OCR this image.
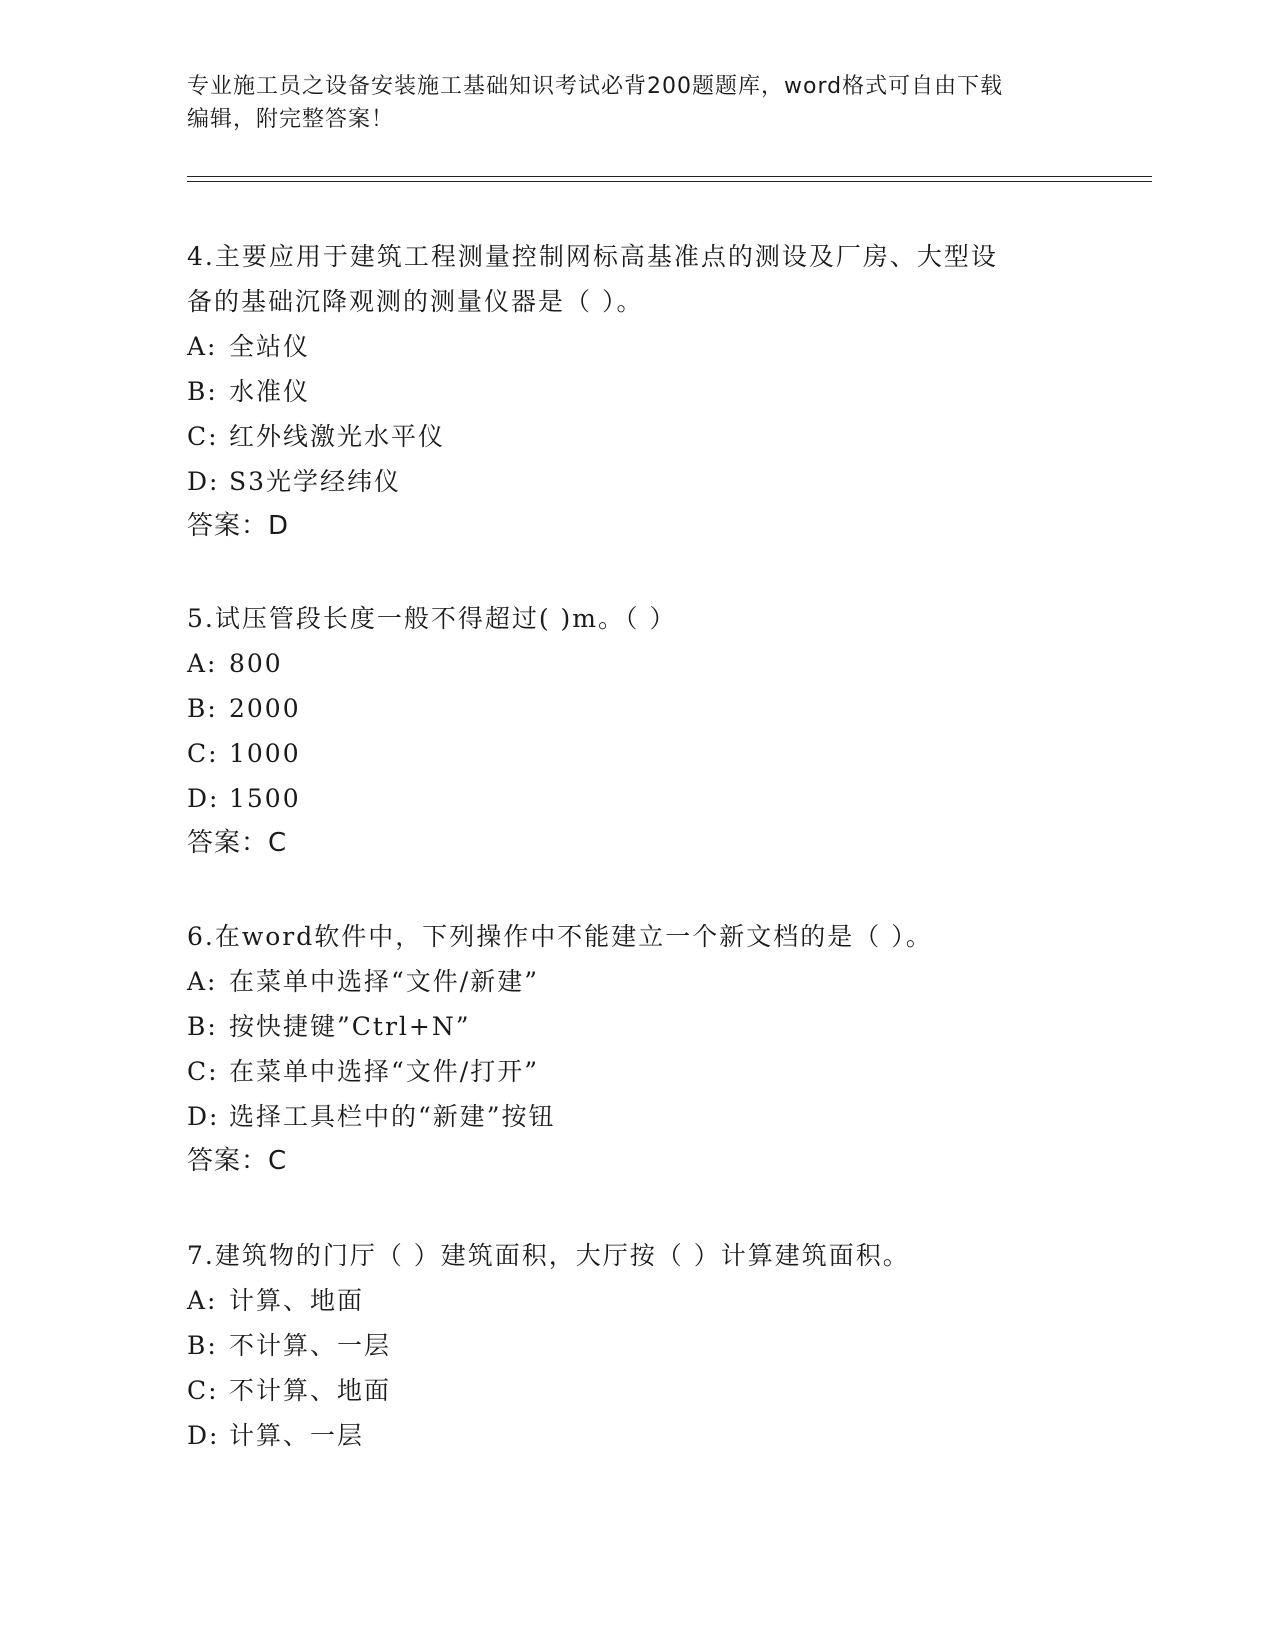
专业施工员之设备安装施工基础知识考试必背200题题库，word格式可自由下载
编辑，附完整答案！
4.主要应用于建筑工程测量控制网标高基准点的测设及厂房、大型设
备的基础沉降观测的测量仪器是（ ）。
A: 全站仪
B: 水准仪
C: 红外线激光水平仪
D: S3光学经纬仪
答案：D
5.试压管段长度一般不得超过( )m。（ ）
A: 800
B: 2000
C: 1000
D: 1500
答案：C
6.在word软件中，下列操作中不能建立一个新文档的是（ ）。
A: 在菜单中选择“文件/新建”
B: 按快捷键”Ctrl+N”
C: 在菜单中选择“文件/打开”
D: 选择工具栏中的“新建”按钮
答案：C
7.建筑物的门厅（ ）建筑面积，大厅按（ ）计算建筑面积。
A: 计算、地面
B: 不计算、一层
C: 不计算、地面
D: 计算、一层
